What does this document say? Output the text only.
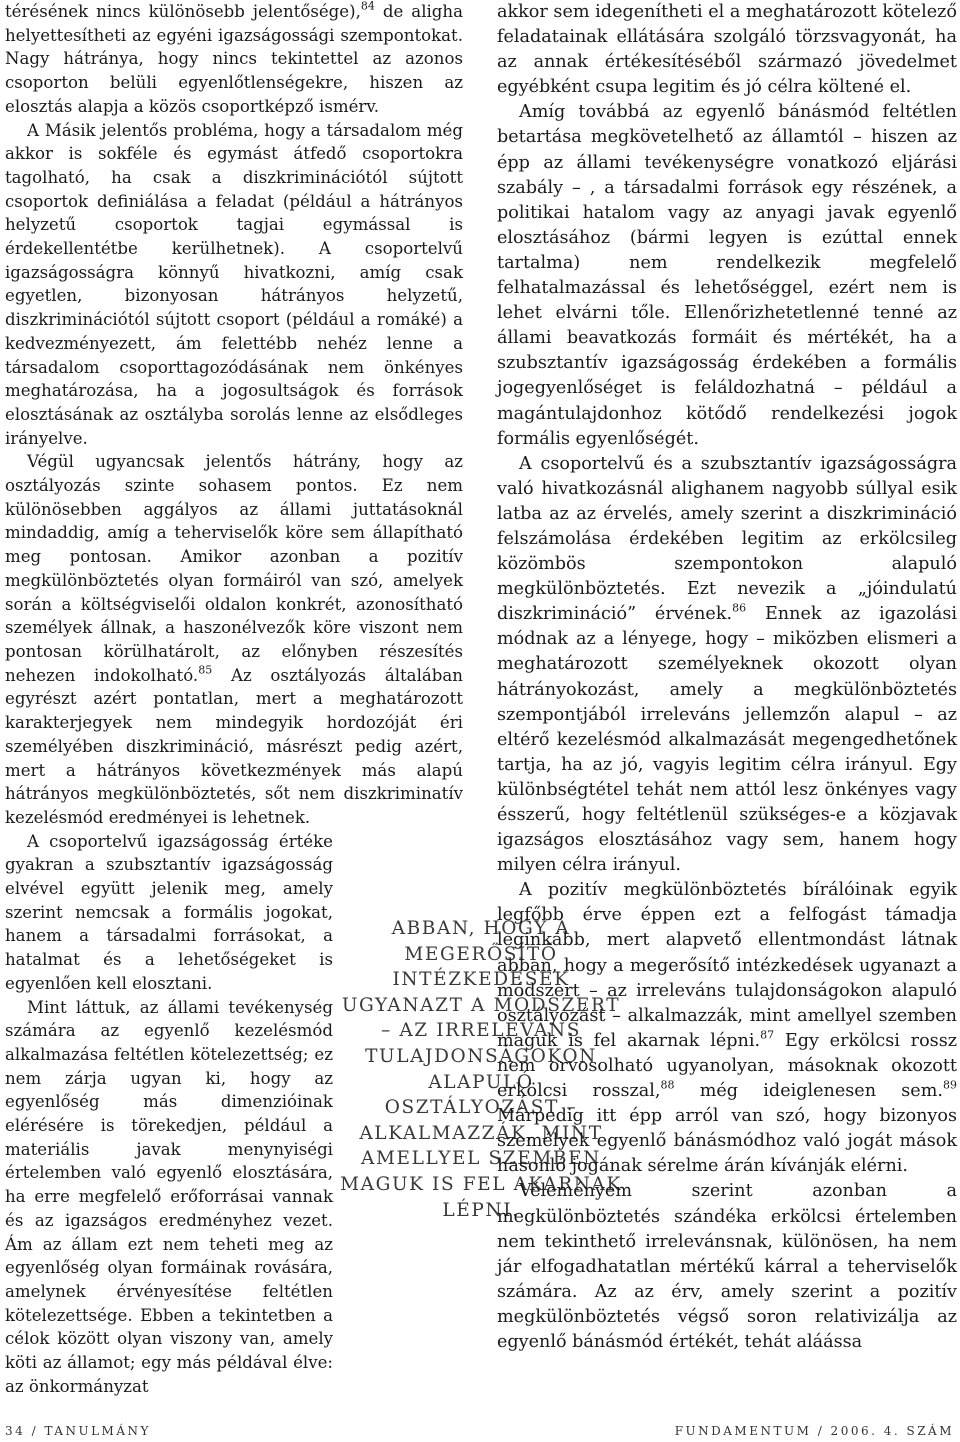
térésének nincs különösebb jelentősége),$^{84}$ de aligha helyettesítheti az egyéni igazságossági szempontokat. Nagy hátránya, hogy nincs tekintettel az azonos csoporton belüli egyenlőtlenségekre, hiszen az elosztás alapja a közös csoportképző ismérv.

A Másik jelentős probléma, hogy a társadalom még akkor is sokféle és egymást átfedő csoportokra tagolható, ha csak a diszkriminációtól sújtott csoportok definiálása a feladat (például a hátrányos helyzetű csoportok tagjai egymással is érdekellentétbe kerülhetnek). A csoportelvű igazságosságra könnyű hivatkozni, amíg csak egyetlen, bizonyosan hátrányos helyzetű, diszkriminációtól sújtott csoport (például a romáké) a kedvezményezett, ám felettébb nehéz lenne a társadalom csoporttagozódásának nem önkényes meghatározása, ha a jogosultságok és források elosztásának az osztályba sorolás lenne az elsődleges irányelve.

Végül ugyancsak jelentős hátrány, hogy az osztályozás szinte sohasem pontos. Ez nem különösebben aggályos az állami juttatásoknál mindaddig, amíg a teherviselők köre sem állapítható meg pontosan. Amikor azonban a pozitív megkülönböztetés olyan formáiról van szó, amelyek során a költségviselői oldalon konkrét, azonosítható személyek állnak, a haszonélvezők köre viszont nem pontosan körülhatárolt, az előnyben részesítés nehezen indokolható.$^{85}$ Az osztályozás általában egyrészt azért pontatlan, mert a meghatározott karakterjegyek nem mindegyik hordozóját éri személyében diszkrimináció, másrészt pedig azért, mert a hátrányos következmények más alapú hátrányos megkülönböztetés, sőt nem diszkriminatív kezelésmód eredményei is lehetnek.

A csoportelvű igazságosság értéke gyakran a szubsztantív igazságosság elvével együtt jelenik meg, amely szerint nemcsak a formális jogokat, hanem a társadalmi forrásokat, a hatalmat és a lehetőségeket is egyenlően kell elosztani.

Mint láttuk, az állami tevékenység számára az egyenlő kezelésmód alkalmazása feltétlen kötelezettség; ez nem zárja ugyan ki, hogy az egyenlőség más dimenzióinak elérésére is törekedjen, például a materiális javak menynyiségi értelemben való egyenlő elosztására, ha erre megfelelő erőforrásai vannak és az igazságos eredményhez vezet. Ám az állam ezt nem teheti meg az egyenlőség olyan formáinak rovására, amelynek érvényesítése feltétlen kötelezettsége. Ebben a tekintetben a célok között olyan viszony van, amely köti az államot; egy más példával élve: az önkormányzat

ABBAN, HOGY A MEGERŐSÍTŐ INTÉZKEDÉSEK UGYANAZT A MÓDSZERT – AZ IRRELEVÁNS TULAJDONSÁGOKON ALAPULÓ OSZTÁLYOZÁST – ALKALMAZZÁK, MINT AMELLYEL SZEMBEN MAGUK IS FEL AKARNAK LÉPNI.

akkor sem idegenítheti el a meghatározott kötelező feladatainak ellátására szolgáló törzsvagyonát, ha az annak értékesítéséből származó jövedelmet egyébként csupa legitim és jó célra költené el.

Amíg továbbá az egyenlő bánásmód feltétlen betartása megkövetelhető az államtól – hiszen az épp az állami tevékenységre vonatkozó eljárási szabály – , a társadalmi források egy részének, a politikai hatalom vagy az anyagi javak egyenlő elosztásához (bármi legyen is ezúttal ennek tartalma) nem rendelkezik megfelelő felhatalmazással és lehetőséggel, ezért nem is lehet elvárni tőle. Ellenőrizhetetlenné tenné az állami beavatkozás formáit és mértékét, ha a szubsztantív igazságosság érdekében a formális jogegyenlőséget is feláldozhatná – például a magántulajdonhoz kötődő rendelkezési jogok formális egyenlőségét.

A csoportelvű és a szubsztantív igazságosságra való hivatkozásnál alighanem nagyobb súllyal esik latba az az érvelés, amely szerint a diszkrimináció felszámolása érdekében legitim az erkölcsileg közömbös szempontokon alapuló megkülönböztetés. Ezt nevezik a „jóindulatú diszkrimináció” érvének.$^{86}$ Ennek az igazolási módnak az a lényege, hogy – miközben elismeri a meghatározott személyeknek okozott olyan hátrányokozást, amely a megkülönböztetés szempontjából irreleváns jellemzőn alapul – az eltérő kezelésmód alkalmazását megengedhetőnek tartja, ha az jó, vagyis legitim célra irányul. Egy különbségtétel tehát nem attól lesz önkényes vagy ésszerű, hogy feltétlenül szükséges-e a közjavak igazságos elosztásához vagy sem, hanem hogy milyen célra irányul.

A pozitív megkülönböztetés bírálóinak egyik legfőbb érve éppen ezt a felfogást támadja leginkább, mert alapvető ellentmondást látnak abban, hogy a megerősítő intézkedések ugyanazt a módszert – az irreleváns tulajdonságokon alapuló osztályozást – alkalmazzák, mint amellyel szemben maguk is fel akarnak lépni.$^{87}$ Egy erkölcsi rossz nem orvosolható ugyanolyan, másoknak okozott erkölcsi rosszal,$^{88}$ még ideiglenesen sem.$^{89}$ Márpedig itt épp arról van szó, hogy bizonyos személyek egyenlő bánásmódhoz való jogát mások hasonló jogának sérelme árán kívánják elérni.

Véleményem szerint azonban a megkülönböztetés szándéka erkölcsi értelemben nem tekinthető irrelevánsnak, különösen, ha nem jár elfogadhatatlan mértékű kárral a teherviselők számára. Az az érv, amely szerint a pozitív megkülönböztetés végső soron relativizálja az egyenlő bánásmód értékét, tehát aláássa

34 / TANULMÁNY	FUNDAMENTUM / 2006. 4. SZÁM
